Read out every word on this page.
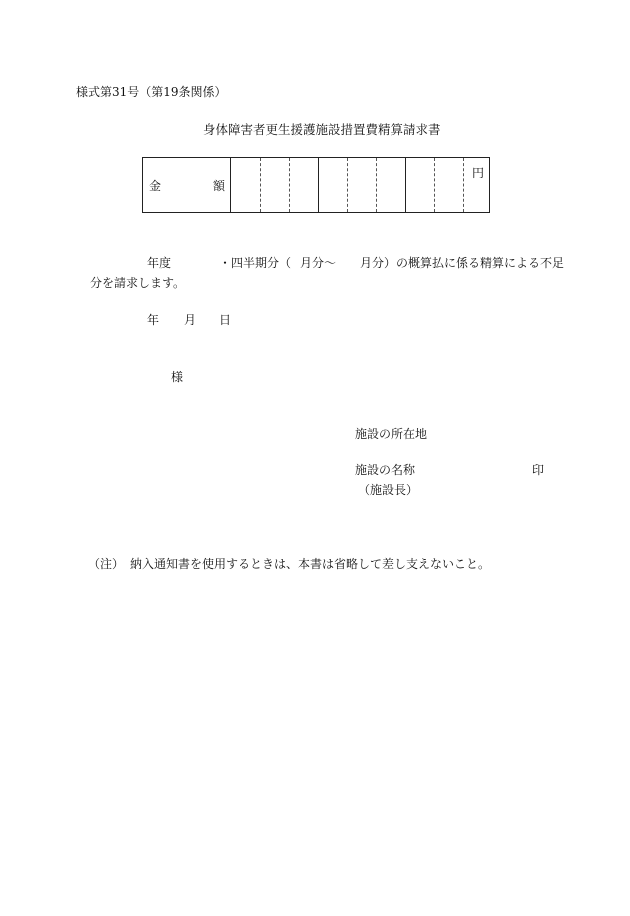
様式第31号（第19条関係）
身体障害者更生援護施設措置費精算請求書
金	額
円
年度	・四半期分（ 月分～ 月分）の概算払に係る精算による不足
分を請求します。
年 月 日
様
施設の所在地
施設の名称	印
（施設長）
（注）　納入通知書を使用するときは、本書は省略して差し支えないこと。
